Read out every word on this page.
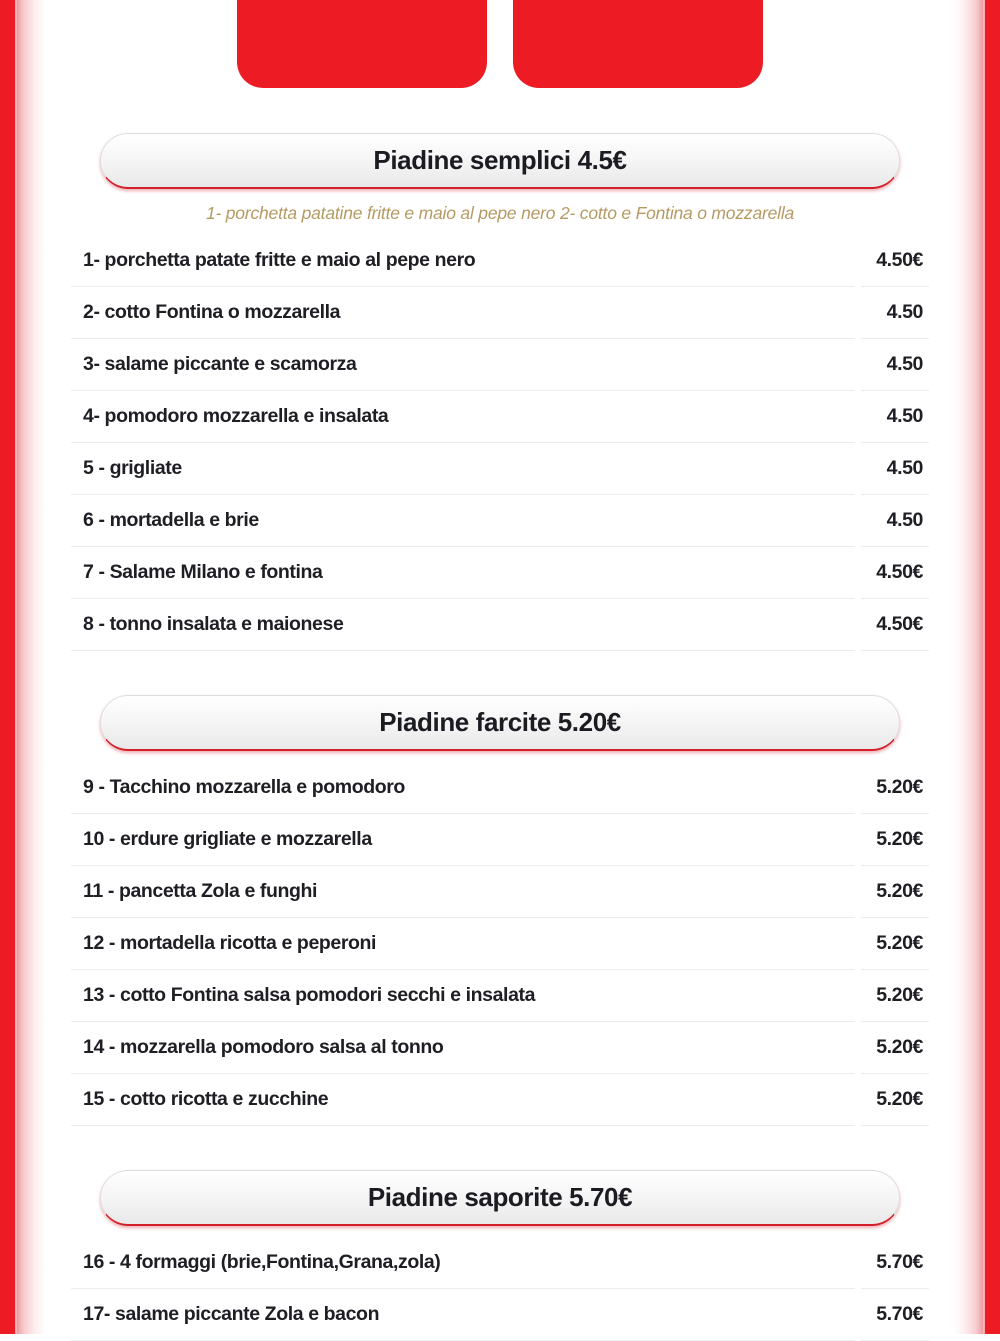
Piadine semplici 4.5€
1- porchetta patatine fritte e maio al pepe nero 2- cotto e Fontina o mozzarella
1- porchetta patate fritte e maio al pepe nero	4.50€
2- cotto Fontina o mozzarella	4.50
3- salame piccante e scamorza	4.50
4- pomodoro mozzarella e insalata	4.50
5 - grigliate	4.50
6 - mortadella e brie	4.50
7 - Salame Milano e fontina	4.50€
8 - tonno insalata e maionese	4.50€
Piadine farcite 5.20€
9 - Tacchino mozzarella e pomodoro	5.20€
10 - erdure grigliate e mozzarella	5.20€
11 - pancetta Zola e funghi	5.20€
12 - mortadella ricotta e peperoni	5.20€
13 - cotto Fontina salsa pomodori secchi e insalata	5.20€
14 - mozzarella pomodoro salsa al tonno	5.20€
15 - cotto ricotta e zucchine	5.20€
Piadine saporite 5.70€
16 - 4 formaggi (brie,Fontina,Grana,zola)	5.70€
17- salame piccante Zola e bacon	5.70€
